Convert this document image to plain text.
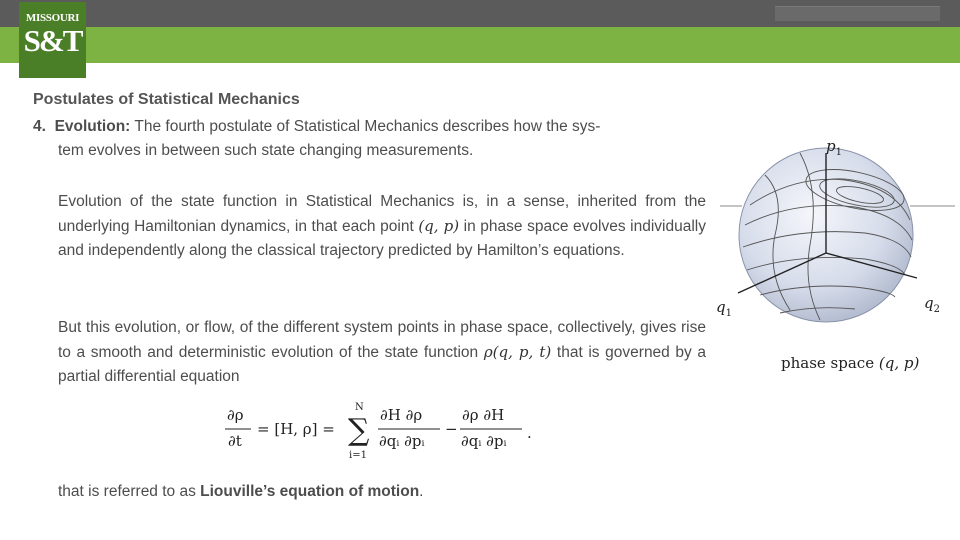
MISSOURI
S&T
Postulates of Statistical Mechanics
4. Evolution: The fourth postulate of Statistical Mechanics describes how the sys-
tem evolves in between such state changing measurements.
Evolution of the state function in Statistical Mechanics is, in a sense, inherited from the underlying Hamiltonian dynamics, in that each point (q, p) in phase space evolves individually and independently along the classical trajectory predicted by Hamilton’s equations.
But this evolution, or flow, of the different system points in phase space, collectively, gives rise to a smooth and deterministic evolution of the state function ρ(q, p, t) that is governed by a partial differential equation
∂ρ
∂t
= [H, ρ] =
N
∑
i=1
∂H ∂ρ
∂qᵢ ∂pᵢ
−
∂ρ ∂H
∂qᵢ ∂pᵢ .
that is referred to as Liouville’s equation of motion.
$p_1$
$q_1$
$q_2$
phase space (q, p)
